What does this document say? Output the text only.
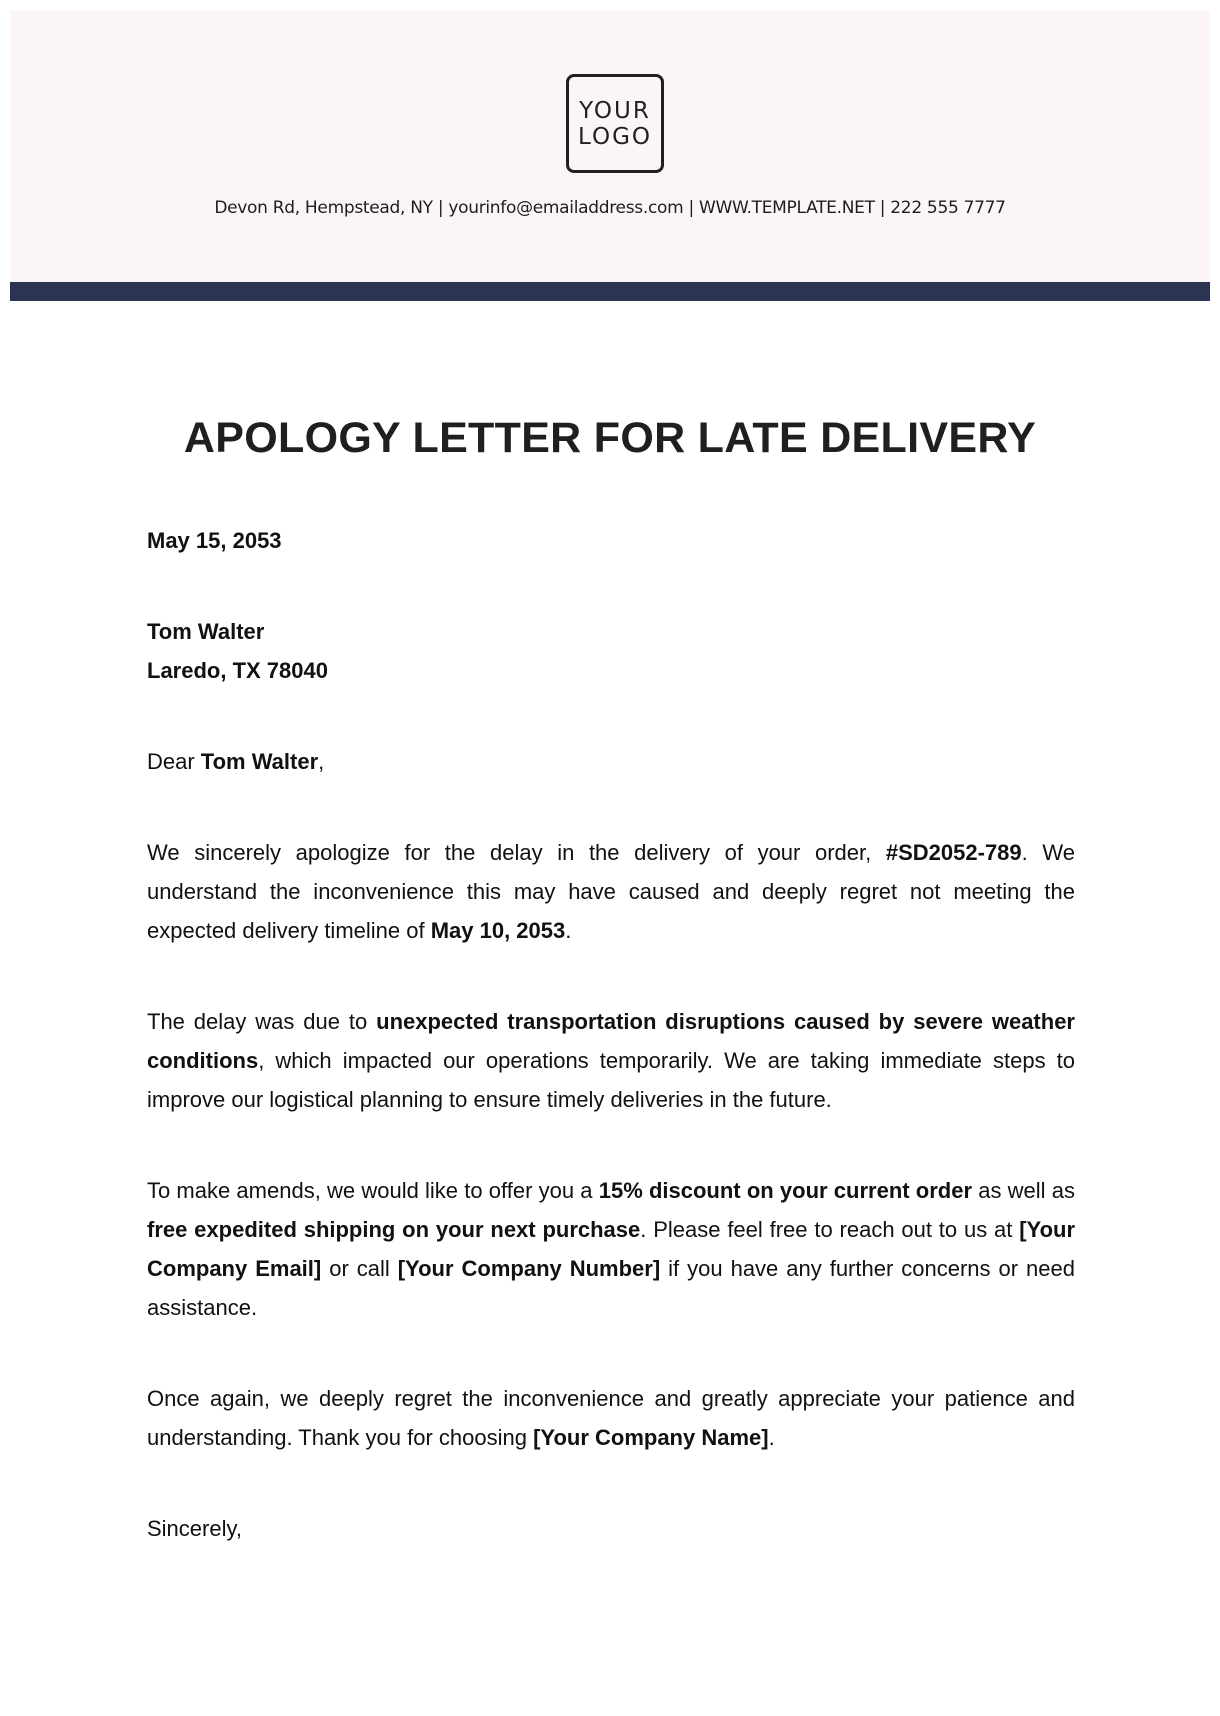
YOUR
LOGO
Devon Rd, Hempstead, NY | yourinfo@emailaddress.com | WWW.TEMPLATE.NET | 222 555 7777
APOLOGY LETTER FOR LATE DELIVERY

May 15, 2053

Tom Walter
Laredo, TX 78040

Dear Tom Walter,

We sincerely apologize for the delay in the delivery of your order, #SD2052-789. We understand the inconvenience this may have caused and deeply regret not meeting the expected delivery timeline of May 10, 2053.

The delay was due to unexpected transportation disruptions caused by severe weather conditions, which impacted our operations temporarily. We are taking immediate steps to improve our logistical planning to ensure timely deliveries in the future.

To make amends, we would like to offer you a 15% discount on your current order as well as free expedited shipping on your next purchase. Please feel free to reach out to us at [Your Company Email] or call [Your Company Number] if you have any further concerns or need assistance.

Once again, we deeply regret the inconvenience and greatly appreciate your patience and understanding. Thank you for choosing [Your Company Name].

Sincerely,
